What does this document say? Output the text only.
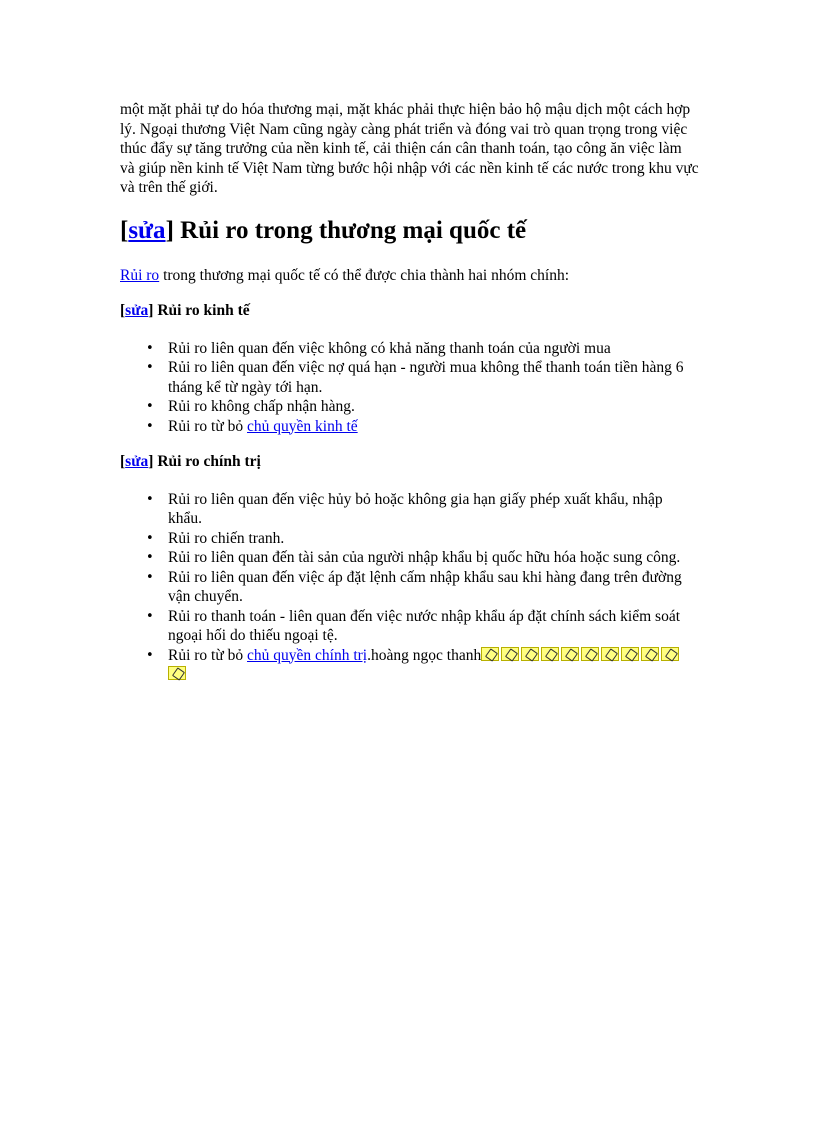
một mặt phải tự do hóa thương mại, mặt khác phải thực hiện bảo hộ mậu dịch một cách hợp lý. Ngoại thương Việt Nam cũng ngày càng phát triển và đóng vai trò quan trọng trong việc thúc đẩy sự tăng trưởng của nền kinh tế, cải thiện cán cân thanh toán, tạo công ăn việc làm và giúp nền kinh tế Việt Nam từng bước hội nhập với các nền kinh tế các nước trong khu vực và trên thế giới.

[sửa] Rủi ro trong thương mại quốc tế

Rủi ro trong thương mại quốc tế có thể được chia thành hai nhóm chính:

[sửa] Rủi ro kinh tế
• Rủi ro liên quan đến việc không có khả năng thanh toán của người mua
• Rủi ro liên quan đến việc nợ quá hạn - người mua không thể thanh toán tiền hàng 6 tháng kể từ ngày tới hạn.
• Rủi ro không chấp nhận hàng.
• Rủi ro từ bỏ chủ quyền kinh tế
[sửa] Rủi ro chính trị
• Rủi ro liên quan đến việc hủy bỏ hoặc không gia hạn giấy phép xuất khẩu, nhập khẩu.
• Rủi ro chiến tranh.
• Rủi ro liên quan đến tài sản của người nhập khẩu bị quốc hữu hóa hoặc sung công.
• Rủi ro liên quan đến việc áp đặt lệnh cấm nhập khẩu sau khi hàng đang trên đường vận chuyển.
• Rủi ro thanh toán - liên quan đến việc nước nhập khẩu áp đặt chính sách kiểm soát ngoại hối do thiếu ngoại tệ.
• Rủi ro từ bỏ chủ quyền chính trị.hoàng ngọc thanh
